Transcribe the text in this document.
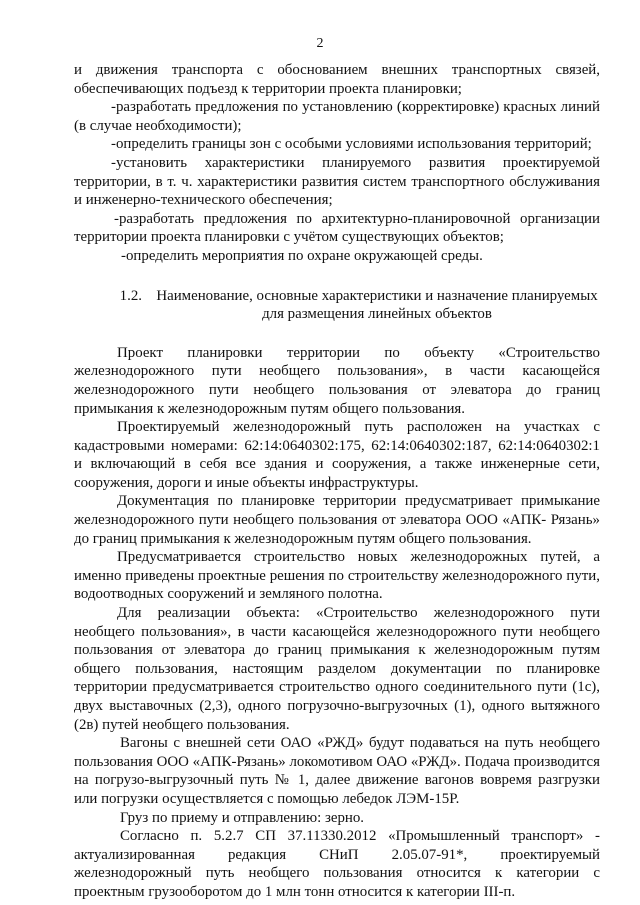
2

и движения транспорта с обоснованием внешних транспортных связей, обеспечивающих подъезд к территории проекта планировки;

-разработать предложения по установлению (корректировке) красных линий (в случае необходимости);

-определить границы зон с особыми условиями использования территорий;

-установить характеристики планируемого развития проектируемой территории, в т. ч. характеристики развития систем транспортного обслуживания и инженерно-технического обеспечения;

-разработать предложения по архитектурно-планировочной организации территории проекта планировки с учётом существующих объектов;

-определить мероприятия по охране окружающей среды.

1.2. Наименование, основные характеристики и назначение планируемых
для размещения линейных объектов

Проект планировки территории по объекту «Строительство железнодорожного пути необщего пользования», в части касающейся железнодорожного пути необщего пользования от элеватора до границ примыкания к железнодорожным путям общего пользования.

Проектируемый железнодорожный путь расположен на участках с кадастровыми номерами: 62:14:0640302:175, 62:14:0640302:187, 62:14:0640302:1 и включающий в себя все здания и сооружения, а также инженерные сети, сооружения, дороги и иные объекты инфраструктуры.

Документация по планировке территории предусматривает примыкание железнодорожного пути необщего пользования от элеватора ООО «АПК- Рязань» до границ примыкания к железнодорожным путям общего пользования.

Предусматривается строительство новых железнодорожных путей, а именно приведены проектные решения по строительству железнодорожного пути, водоотводных сооружений и земляного полотна.

Для реализации объекта: «Строительство железнодорожного пути необщего пользования», в части касающейся железнодорожного пути необщего пользования от элеватора до границ примыкания к железнодорожным путям общего пользования, настоящим разделом документации по планировке территории предусматривается строительство одного соединительного пути (1с), двух выставочных (2,3), одного погрузочно-выгрузочных (1), одного вытяжного (2в) путей необщего пользования.

Вагоны с внешней сети ОАО «РЖД» будут подаваться на путь необщего пользования ООО «АПК-Рязань» локомотивом ОАО «РЖД». Подача производится на погрузо-выгрузочный путь № 1, далее движение вагонов вовремя разгрузки или погрузки осуществляется с помощью лебедок ЛЭМ-15Р.

Груз по приему и отправлению: зерно.

Согласно п. 5.2.7 СП 37.11330.2012 «Промышленный транспорт» - актуализированная редакция СНиП 2.05.07-91*, проектируемый железнодорожный путь необщего пользования относится к категории с проектным грузооборотом до 1 млн тонн относится к категории III-п.
